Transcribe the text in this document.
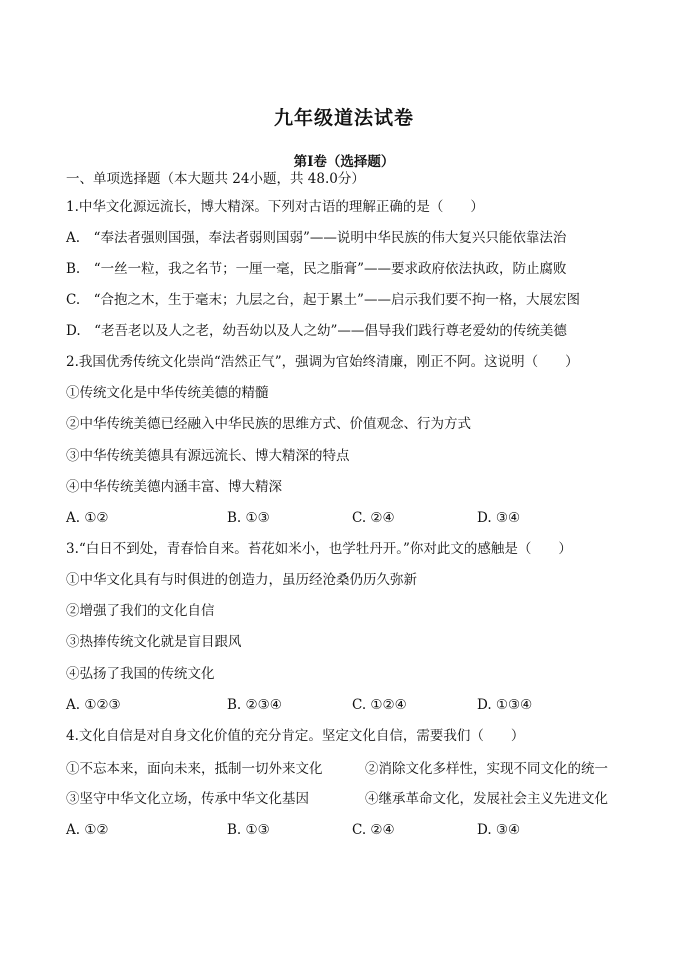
九年级道法试卷
第Ⅰ卷（选择题）
一、单项选择题（本大题共 24小题，共 48.0分）
1.中华文化源远流长，博大精深。下列对古语的理解正确的是（　　）
A.　“奉法者强则国强，奉法者弱则国弱”——说明中华民族的伟大复兴只能依靠法治
B.　“一丝一粒，我之名节；一厘一毫，民之脂膏”——要求政府依法执政，防止腐败
C.　“合抱之木，生于毫末；九层之台，起于累土”——启示我们要不拘一格，大展宏图
D.　“老吾老以及人之老，幼吾幼以及人之幼”——倡导我们践行尊老爱幼的传统美德
2.我国优秀传统文化崇尚“浩然正气”，强调为官始终清廉，刚正不阿。这说明（　　）
①传统文化是中华传统美德的精髓
②中华传统美德已经融入中华民族的思维方式、价值观念、行为方式
③中华传统美德具有源远流长、博大精深的特点
④中华传统美德内涵丰富、博大精深
A. ①②	B. ①③	C. ②④	D. ③④
3.“白日不到处，青春恰自来。苔花如米小，也学牡丹开。”你对此文的感触是（　　）
①中华文化具有与时俱进的创造力，虽历经沧桑仍历久弥新
②增强了我们的文化自信
③热捧传统文化就是盲目跟风
④弘扬了我国的传统文化
A. ①②③	B. ②③④	C. ①②④	D. ①③④
4.文化自信是对自身文化价值的充分肯定。坚定文化自信，需要我们（　　）
①不忘本来，面向未来，抵制一切外来文化	②消除文化多样性，实现不同文化的统一
③坚守中华文化立场，传承中华文化基因	④继承革命文化，发展社会主义先进文化
A. ①②	B. ①③	C. ②④	D. ③④
